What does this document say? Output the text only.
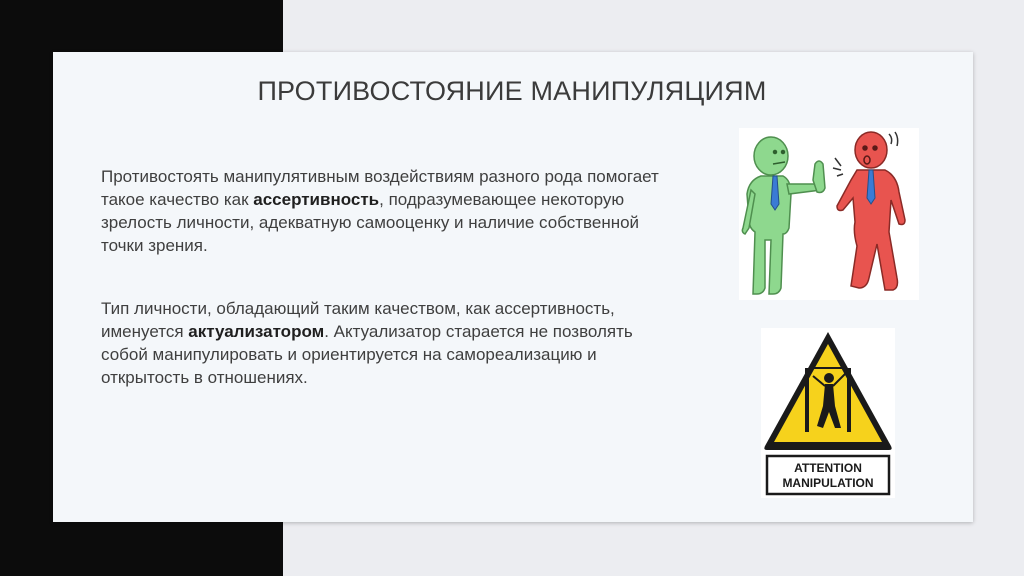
ПРОТИВОСТОЯНИЕ МАНИПУЛЯЦИЯМ
Противостоять манипулятивным воздействиям разного рода помогает такое качество как ассертивность, подразумевающее некоторую зрелость личности, адекватную самооценку и наличие собственной точки зрения.
Тип личности, обладающий таким качеством, как ассертивность, именуется актуализатором. Актуализатор старается не позволять собой манипулировать и ориентируется на самореализацию и открытость в отношениях.
ATTENTION
MANIPULATION
